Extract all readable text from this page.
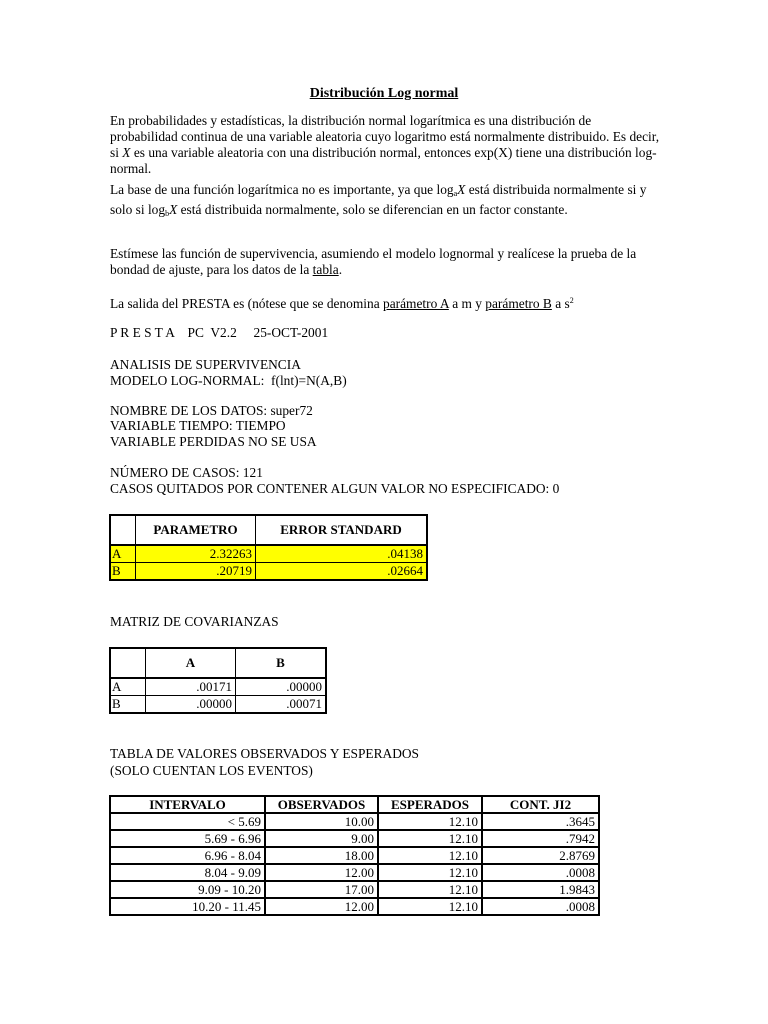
Distribución Log normal
En probabilidades y estadísticas, la distribución normal logarítmica es una distribución de probabilidad continua de una variable aleatoria cuyo logaritmo está normalmente distribuido. Es decir, si X es una variable aleatoria con una distribución normal, entonces exp(X) tiene una distribución log-normal.
La base de una función logarítmica no es importante, ya que $\log_aX$ está distribuida normalmente si y solo si $\log_bX$ está distribuida normalmente, solo se diferencian en un factor constante.
Estímese las función de supervivencia, asumiendo el modelo lognormal y realícese la prueba de la bondad de ajuste, para los datos de la tabla.
La salida del PRESTA es (nótese que se denomina parámetro A a m y parámetro B a $s^2$
P R E S T A    PC  V2.2     25-OCT-2001
ANALISIS DE SUPERVIVENCIA
MODELO LOG-NORMAL:  f(lnt)=N(A,B)
NOMBRE DE LOS DATOS: super72
VARIABLE TIEMPO: TIEMPO
VARIABLE PERDIDAS NO SE USA
NÚMERO DE CASOS: 121
CASOS QUITADOS POR CONTENER ALGUN VALOR NO ESPECIFICADO: 0
	PARAMETRO	ERROR STANDARD
A	2.32263	.04138
B	.20719	.02664
MATRIZ DE COVARIANZAS
	A	B
A	.00171	.00000
B	.00000	.00071
TABLA DE VALORES OBSERVADOS Y ESPERADOS
(SOLO CUENTAN LOS EVENTOS)
INTERVALO	OBSERVADOS	ESPERADOS	CONT. JI2
< 5.69	10.00	12.10	.3645
5.69 - 6.96	9.00	12.10	.7942
6.96 - 8.04	18.00	12.10	2.8769
8.04 - 9.09	12.00	12.10	.0008
9.09 - 10.20	17.00	12.10	1.9843
10.20 - 11.45	12.00	12.10	.0008
